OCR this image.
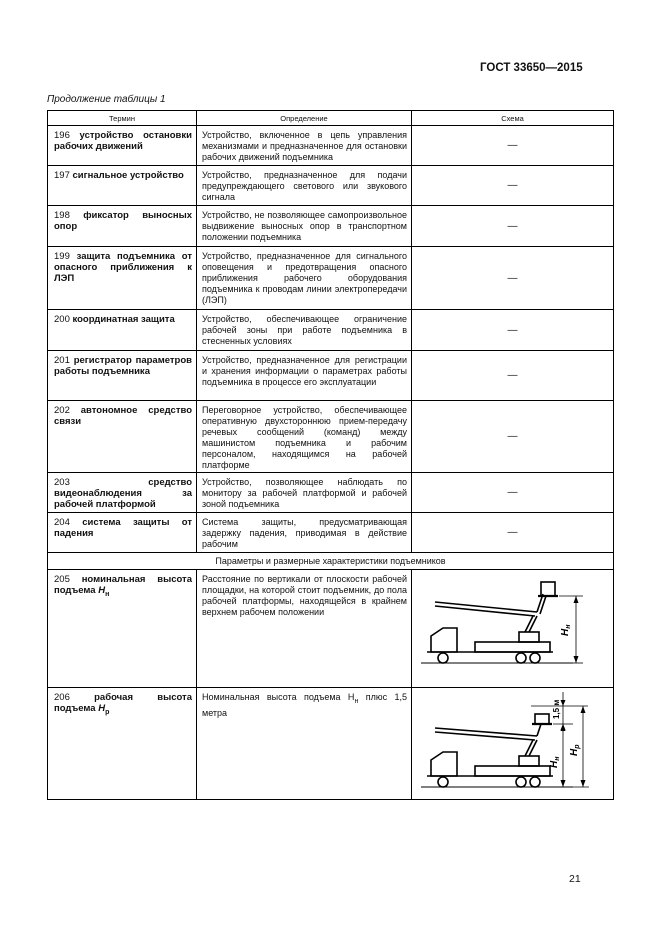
ГОСТ 33650—2015
Продолжение таблицы 1
Термин	Определение	Схема
196 устройство остановки рабочих движений	Устройство, включенное в цепь управления механизмами и предназначенное для остановки рабочих движений подъемника	—
197 сигнальное устройство	Устройство, предназначенное для подачи предупреждающего светового или звукового сигнала	—
198 фиксатор выносных опор	Устройство, не позволяющее самопроизвольное выдвижение выносных опор в транспортном положении подъемника	—
199 защита подъемника от опасного приближения к ЛЭП	Устройство, предназначенное для сигнального оповещения и предотвращения опасного приближения рабочего оборудования подъемника к проводам линии электропередачи (ЛЭП)	—
200 координатная защита	Устройство, обеспечивающее ограничение рабочей зоны при работе подъемника в стесненных условиях	—
201 регистратор параметров работы подъемника	Устройство, предназначенное для регистрации и хранения информации о параметрах работы подъемника в процессе его эксплуатации	—
202 автономное средство связи	Переговорное устройство, обеспечивающее оперативную двухстороннюю прием-передачу речевых сообщений (команд) между машинистом подъемника и рабочим персоналом, находящимся на рабочей платформе	—
203 средство видеонаблюдения за рабочей платформой	Устройство, позволяющее наблюдать по монитору за рабочей платформой и рабочей зоной подъемника	—
204 система защиты от падения	Система защиты, предусматривающая задержку падения, приводимая в действие рабочим	—
Параметры и размерные характеристики подъемников		
205 номинальная высота подъема $H_н$	Расстояние по вертикали от плоскости рабочей площадки, на которой стоит подъемник, до пола рабочей платформы, находящейся в крайнем верхнем рабочем положении	$H_н$

206 рабочая высота подъема $H_р$	Номинальная высота подъема $H_н$ плюс 1,5 метра	1,5 м
$H_н$
$H_р$
21
